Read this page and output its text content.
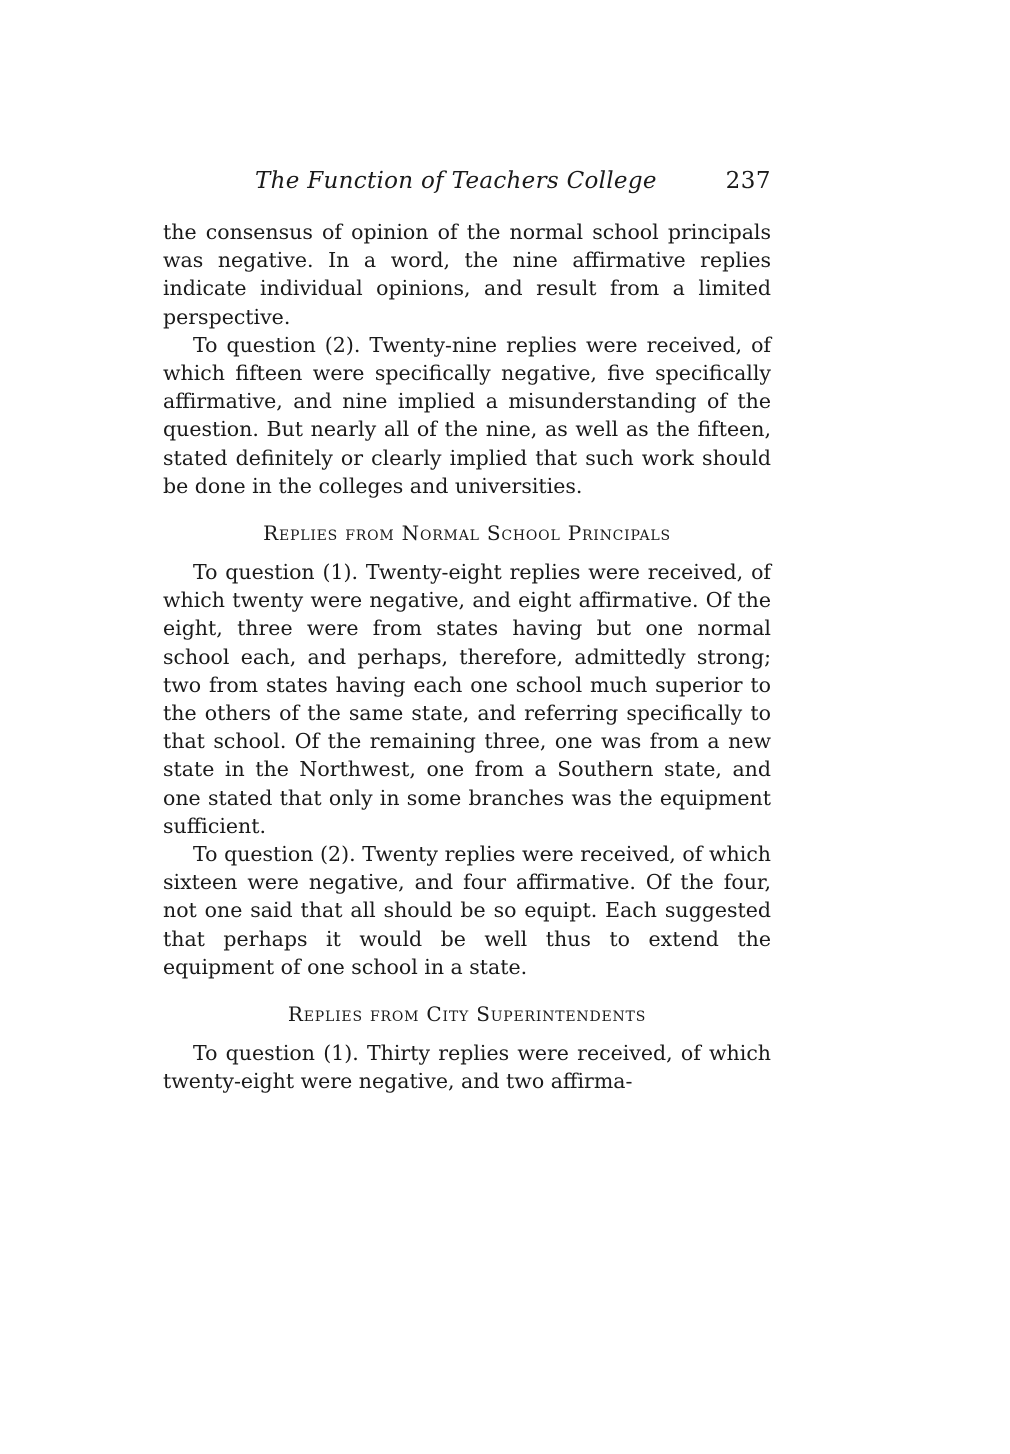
The Function of Teachers College	237

the consensus of opinion of the normal school principals was negative. In a word, the nine affirmative replies indicate individual opinions, and result from a limited perspective.

To question (2). Twenty-nine replies were received, of which fifteen were specifically negative, five specifically affirmative, and nine implied a misunderstanding of the question. But nearly all of the nine, as well as the fifteen, stated definitely or clearly implied that such work should be done in the colleges and universities.

Replies from Normal School Principals

To question (1). Twenty-eight replies were received, of which twenty were negative, and eight affirmative. Of the eight, three were from states having but one normal school each, and perhaps, therefore, admittedly strong; two from states having each one school much superior to the others of the same state, and referring specifically to that school. Of the remaining three, one was from a new state in the Northwest, one from a Southern state, and one stated that only in some branches was the equipment sufficient.

To question (2). Twenty replies were received, of which sixteen were negative, and four affirmative. Of the four, not one said that all should be so equipt. Each suggested that perhaps it would be well thus to extend the equipment of one school in a state.

Replies from City Superintendents

To question (1). Thirty replies were received, of which twenty-eight were negative, and two affirma-
